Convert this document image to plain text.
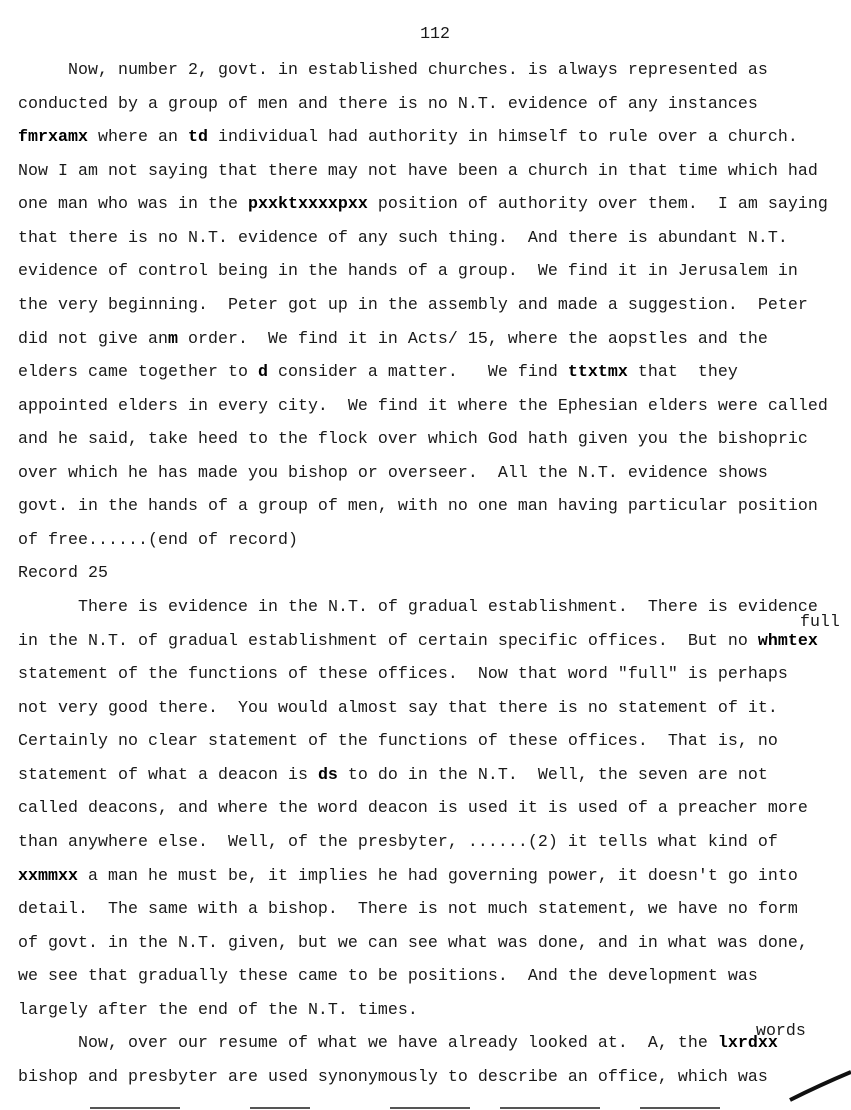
112
Now, number 2, govt. in established churches. is always represented as
conducted by a group of men and there is no N.T. evidence of any instances
fmrxamx where an td individual had authority in himself to rule over a church.
Now I am not saying that there may not have been a church in that time which had
one man who was in the pxxktxxxxpxx position of authority over them.  I am saying
that there is no N.T. evidence of any such thing.  And there is abundant N.T.
evidence of control being in the hands of a group.  We find it in Jerusalem in
the very beginning.  Peter got up in the assembly and made a suggestion.  Peter
did not give anm order.  We find it in Acts/ 15, where the aopstles and the
elders came together to d consider a matter.   We find ttxtmx that  they
appointed elders in every city.  We find it where the Ephesian elders were called
and he said, take heed to the flock over which God hath given you the bishopric
over which he has made you bishop or overseer.  All the N.T. evidence shows
govt. in the hands of a group of men, with no one man having particular position
of free......(end of record)
Record 25
There is evidence in the N.T. of gradual establishment.  There is evidence
in the N.T. of gradual establishment of certain specific offices.  But no whmtex
statement of the functions of these offices.  Now that word "full" is perhaps
not very good there.  You would almost say that there is no statement of it.
Certainly no clear statement of the functions of these offices.  That is, no
statement of what a deacon is ds to do in the N.T.  Well, the seven are not
called deacons, and where the word deacon is used it is used of a preacher more
than anywhere else.  Well, of the presbyter, ......(2) it tells what kind of
xxmmxx a man he must be, it implies he had governing power, it doesn't go into
detail.  The same with a bishop.  There is not much statement, we have no form
of govt. in the N.T. given, but we can see what was done, and in what was done,
we see that gradually these came to be positions.  And the development was
largely after the end of the N.T. times.
Now, over our resume of what we have already looked at.  A, the lxrdxx
bishop and presbyter are used synonymously to describe an office, which was
full
words
